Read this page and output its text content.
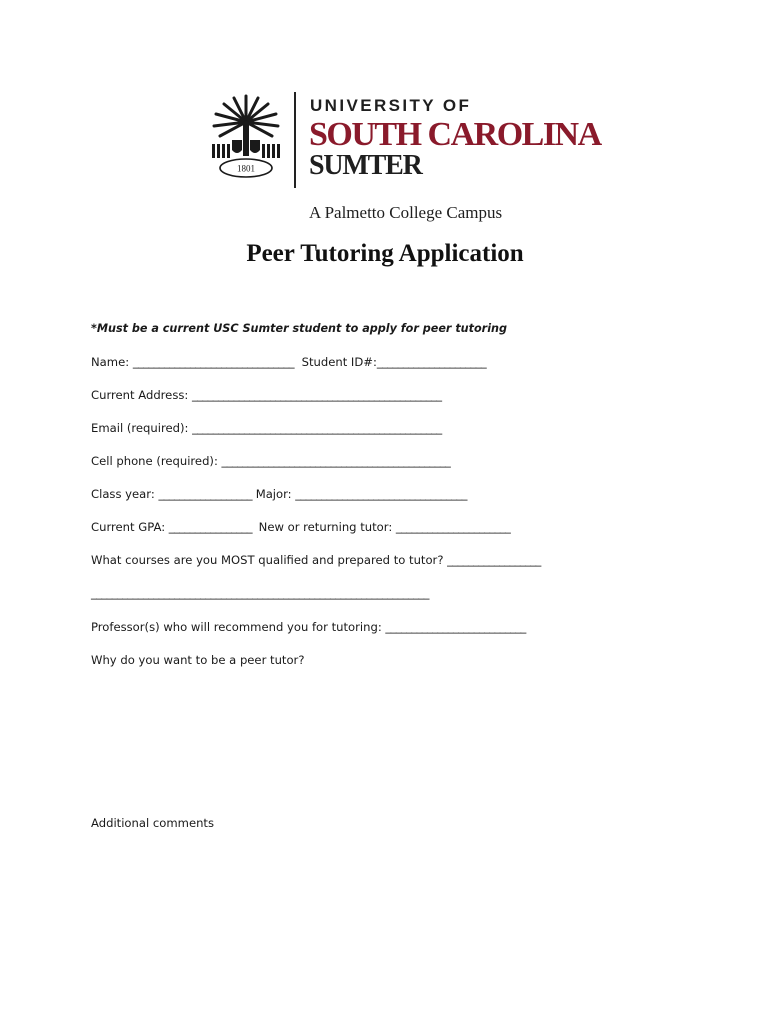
1801
UNIVERSITY OF
SOUTH CAROLINA
SUMTER
A Palmetto College Campus
Peer Tutoring Application
*Must be a current USC Sumter student to apply for peer tutoring
Name: _______________________________ Student ID#:_____________________
Current Address: ________________________________________________
Email (required): ________________________________________________
Cell phone (required): ____________________________________________
Class year: __________________ Major: _________________________________
Current GPA: ________________ New or returning tutor: ______________________
What courses are you MOST qualified and prepared to tutor? __________________
_________________________________________________________________
Professor(s) who will recommend you for tutoring: ___________________________
Why do you want to be a peer tutor?
Additional comments
